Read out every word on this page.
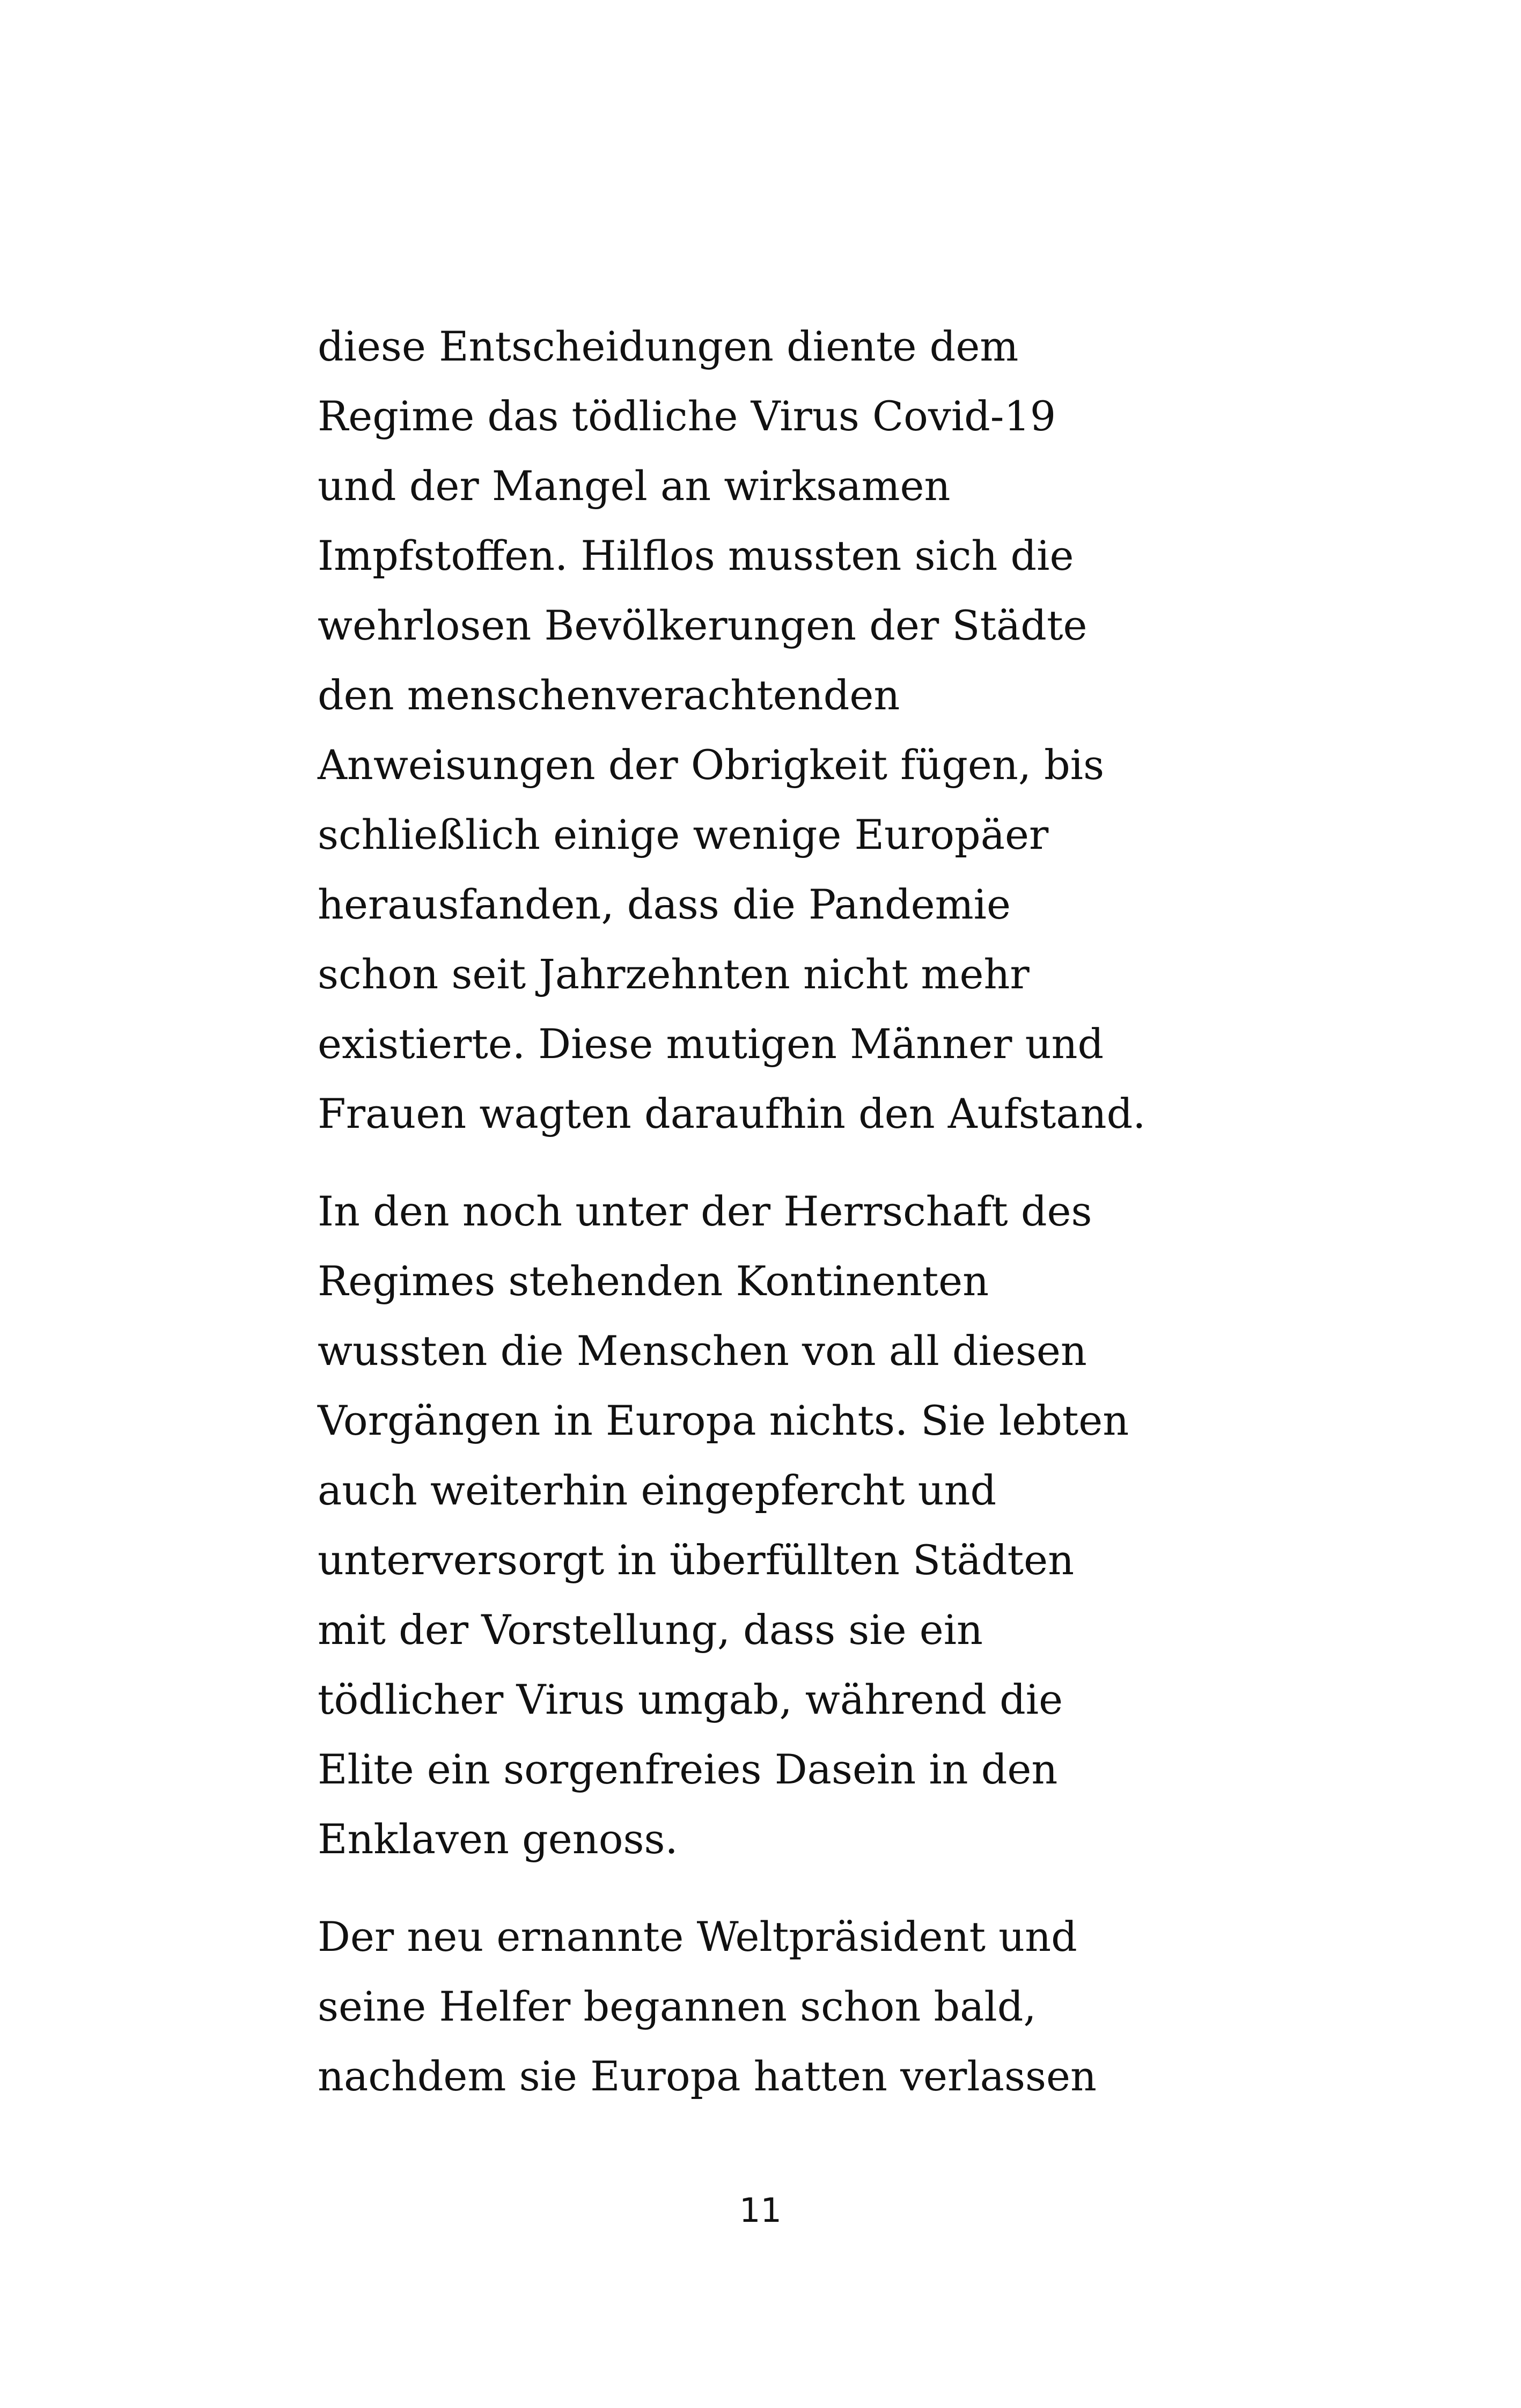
diese Entscheidungen diente dem
Regime das tödliche Virus Covid-19
und der Mangel an wirksamen
Impfstoffen. Hilflos mussten sich die
wehrlosen Bevölkerungen der Städte
den menschenverachtenden
Anweisungen der Obrigkeit fügen, bis
schließlich einige wenige Europäer
herausfanden, dass die Pandemie
schon seit Jahrzehnten nicht mehr
existierte. Diese mutigen Männer und
Frauen wagten daraufhin den Aufstand.
In den noch unter der Herrschaft des
Regimes stehenden Kontinenten
wussten die Menschen von all diesen
Vorgängen in Europa nichts. Sie lebten
auch weiterhin eingepfercht und
unterversorgt in überfüllten Städten
mit der Vorstellung, dass sie ein
tödlicher Virus umgab, während die
Elite ein sorgenfreies Dasein in den
Enklaven genoss.
Der neu ernannte Weltpräsident und
seine Helfer begannen schon bald,
nachdem sie Europa hatten verlassen
11
